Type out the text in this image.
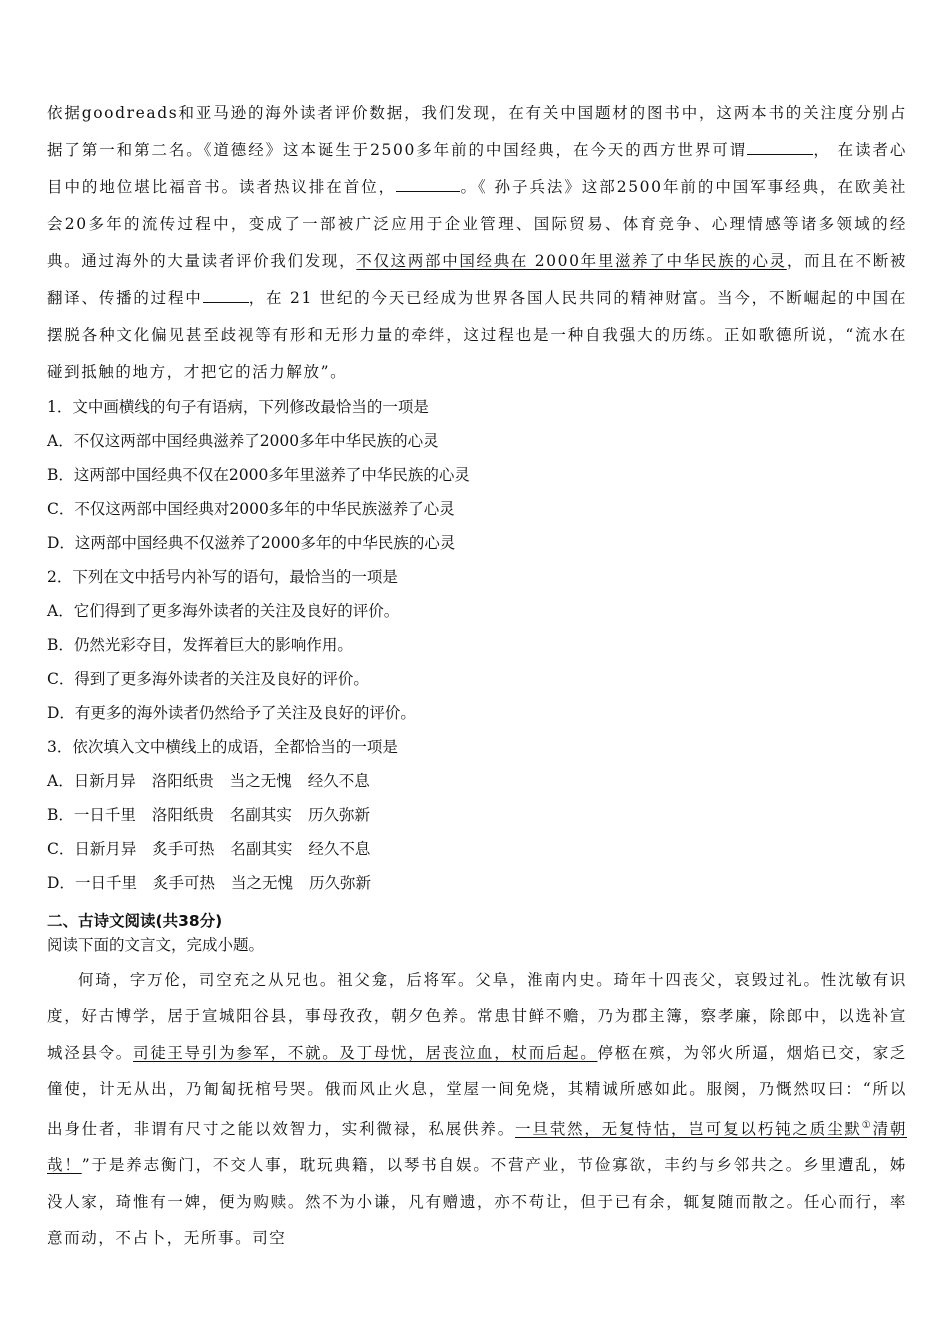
依据goodreads和亚马逊的海外读者评价数据，我们发现，在有关中国题材的图书中，这两本书的关注度分别占据了第一和第二名。《道德经》这本诞生于2500多年前的中国经典，在今天的西方世界可谓	， 在读者心目中的地位堪比福音书。读者热议排在首位，	。《 孙子兵法》这部2500年前的中国军事经典，在欧美社会20多年的流传过程中，变成了一部被广泛应用于企业管理、国际贸易、体育竞争、心理情感等诸多领域的经典。通过海外的大量读者评价我们发现，不仅这两部中国经典在 2000年里滋养了中华民族的心灵，而且在不断被翻译、传播的过程中	，在 21 世纪的今天已经成为世界各国人民共同的精神财富。当今，不断崛起的中国在摆脱各种文化偏见甚至歧视等有形和无形力量的牵绊，这过程也是一种自我强大的历练。正如歌德所说，“流水在碰到抵触的地方，才把它的活力解放”。
1．文中画横线的句子有语病，下列修改最恰当的一项是
A．不仅这两部中国经典滋养了2000多年中华民族的心灵
B．这两部中国经典不仅在2000多年里滋养了中华民族的心灵
C．不仅这两部中国经典对2000多年的中华民族滋养了心灵
D．这两部中国经典不仅滋养了2000多年的中华民族的心灵
2．下列在文中括号内补写的语句，最恰当的一项是
A．它们得到了更多海外读者的关注及良好的评价。
B．仍然光彩夺目，发挥着巨大的影响作用。
C．得到了更多海外读者的关注及良好的评价。
D．有更多的海外读者仍然给予了关注及良好的评价。
3．依次填入文中横线上的成语，全都恰当的一项是
A．日新月异 洛阳纸贵 当之无愧 经久不息
B．一日千里 洛阳纸贵 名副其实 历久弥新
C．日新月异 炙手可热 名副其实 经久不息
D．一日千里 炙手可热 当之无愧 历久弥新
二、古诗文阅读(共38分)
阅读下面的文言文，完成小题。
何琦，字万伦，司空充之从兄也。祖父龛，后将军。父阜，淮南内史。琦年十四丧父，哀毁过礼。性沈敏有识度，好古博学，居于宣城阳谷县，事母孜孜，朝夕色养。常患甘鲜不赡，乃为郡主簿，察孝廉，除郎中，以选补宣城泾县令。司徒王导引为参军，不就。及丁母忧，居丧泣血，杖而后起。停柩在殡，为邻火所逼，烟焰已交，家乏僮使，计无从出，乃匍匐抚棺号哭。俄而风止火息，堂屋一间免烧，其精诚所感如此。服阕，乃慨然叹曰：“所以出身仕者，非谓有尺寸之能以效智力，实利微禄，私展供养。一旦茕然，无复恃怙，岂可复以朽钝之质尘默①清朝哉！”于是养志衡门，不交人事，耽玩典籍，以琴书自娱。不营产业，节俭寡欲，丰约与乡邻共之。乡里遭乱，姊没人家，琦惟有一婢，便为购赎。然不为小谦，凡有赠遗，亦不苟让，但于已有余，辄复随而散之。任心而行，率意而动，不占卜，无所事。司空
